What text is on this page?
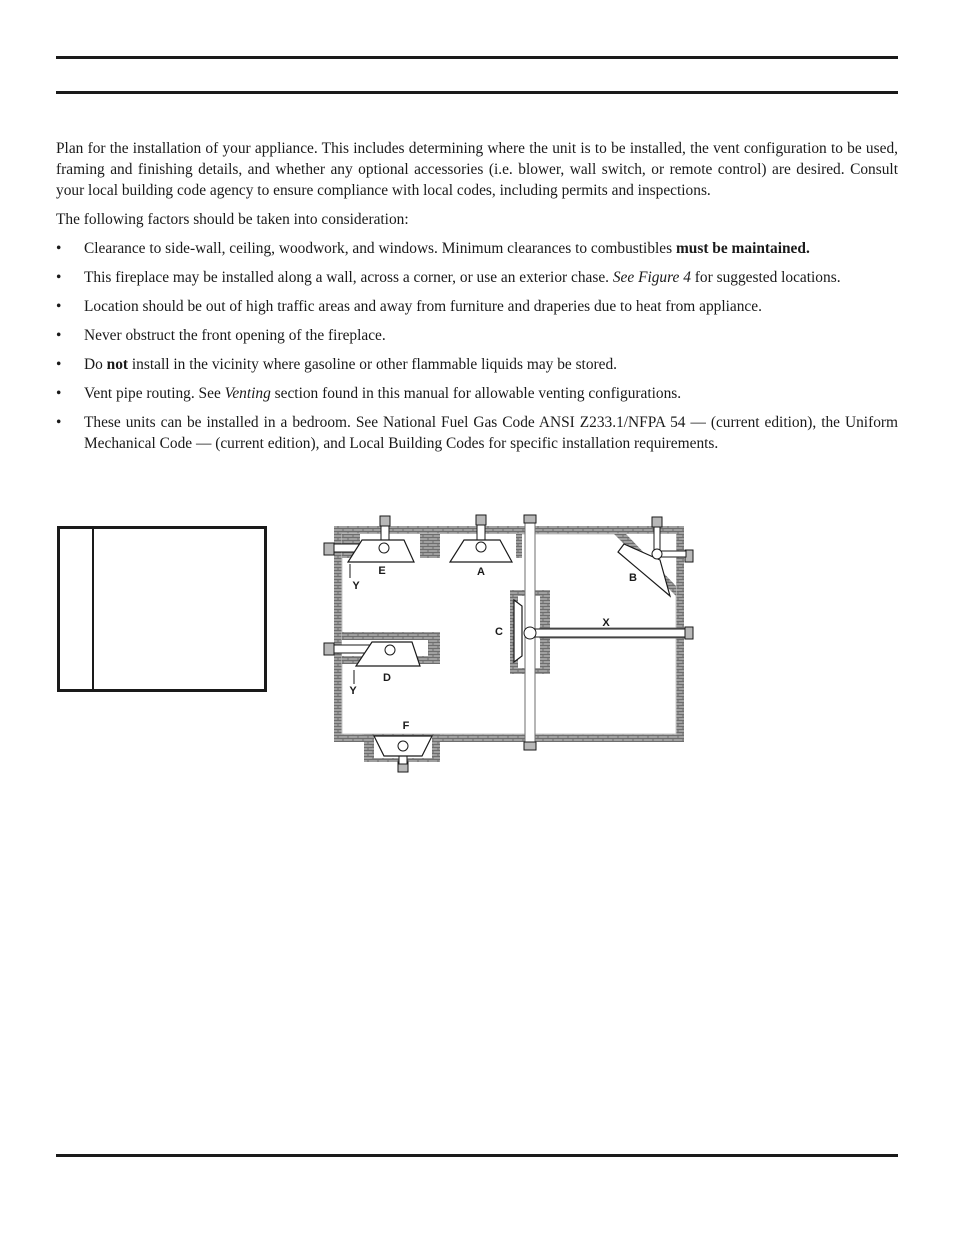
Plan for the installation of your appliance. This includes determining where the unit is to be installed, the vent configuration to be used, framing and finishing details, and whether any optional accessories (i.e. blower, wall switch, or remote control) are desired. Consult your local building code agency to ensure compliance with local codes, including permits and inspections.

The following factors should be taken into consideration:

• Clearance to side-wall, ceiling, woodwork, and windows. Minimum clearances to combustibles must be maintained.
• This fireplace may be installed along a wall, across a corner, or use an exterior chase. See Figure 4 for suggested locations.
• Location should be out of high traffic areas and away from furniture and draperies due to heat from appliance.
• Never obstruct the front opening of the fireplace.
• Do not install in the vicinity where gasoline or other flammable liquids may be stored.
• Vent pipe routing. See Venting section found in this manual for allowable venting configurations.
• These units can be installed in a bedroom. See National Fuel Gas Code ANSI Z233.1/NFPA 54 — (current edition), the Uniform Mechanical Code — (current edition), and Local Building Codes for specific installation requirements.
E	A	B
C
X
D
F
Y
Y
